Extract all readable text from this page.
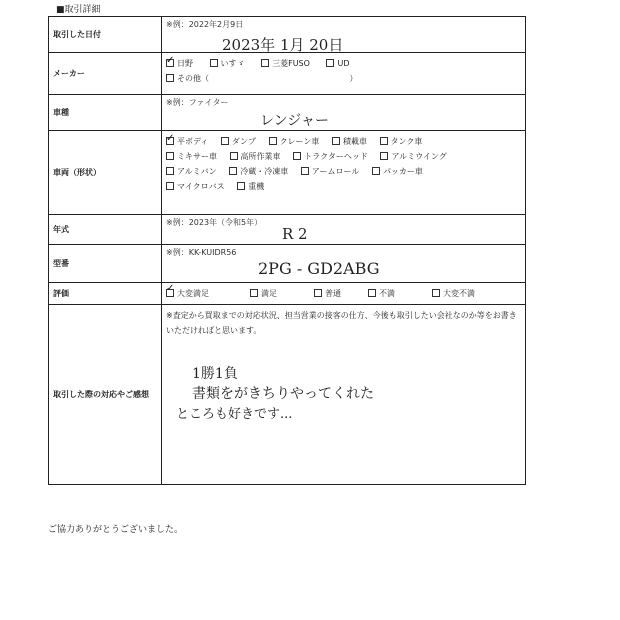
■取引詳細
取引した日付	※例：2022年2月9日
2023年 1月 20日

メーカー	
✓日野 いすゞ 三菱FUSO UD
その他（ ）

車種	※例：ファイター
レンジャー

車両（形状）	
✓平ボディ ダンプ クレーン車 積載車 タンク車
ミキサー車 高所作業車 トラクターヘッド アルミウイング
アルミバン 冷蔵・冷凍車 アームロール パッカー車
マイクロバス 重機

年式	※例：2023年（令和5年）
R 2

型番	※例：KK-KUIDR56
2PG - GD2ABG

評価	
✓大変満足 満足 普通 不満 大変不満

取引した際の対応やご感想	※査定から買取までの対応状況、担当営業の接客の仕方、今後も取引したい会社なのか等をお書きいただければと思います。
1勝1負
書類をがきちりやってくれた
ところも好きです...
ご協力ありがとうございました。
